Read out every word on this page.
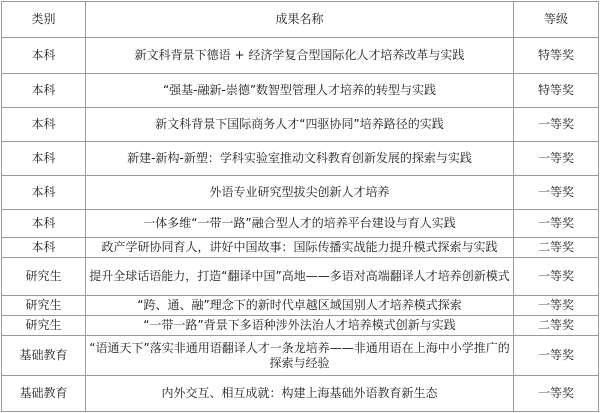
类别	成果名称	等级
本科	新文科背景下德语 + 经济学复合型国际化人才培养改革与实践	特等奖
本科	“强基-融新-崇德”数智型管理人才培养的转型与实践	特等奖
本科	新文科背景下国际商务人才“四驱协同”培养路径的实践	一等奖
本科	新建-新构-新塑：学科实验室推动文科教育创新发展的探索与实践	一等奖
本科	外语专业研究型拔尖创新人才培养	一等奖
本科	一体多维“一带一路”融合型人才的培养平台建设与育人实践	一等奖
本科	政产学研协同育人，讲好中国故事：国际传播实战能力提升模式探索与实践	二等奖
研究生	提升全球话语能力，打造“翻译中国”高地——多语对高端翻译人才培养创新模式	一等奖
研究生	“跨、通、融”理念下的新时代卓越区域国别人才培养模式探索	一等奖
研究生	“一带一路”背景下多语种涉外法治人才培养模式创新与实践	二等奖
基础教育	“语通天下”落实非通用语翻译人才一条龙培养——非通用语在上海中小学推广的探索与经验	一等奖
基础教育	内外交互、相互成就：构建上海基础外语教育新生态	一等奖
